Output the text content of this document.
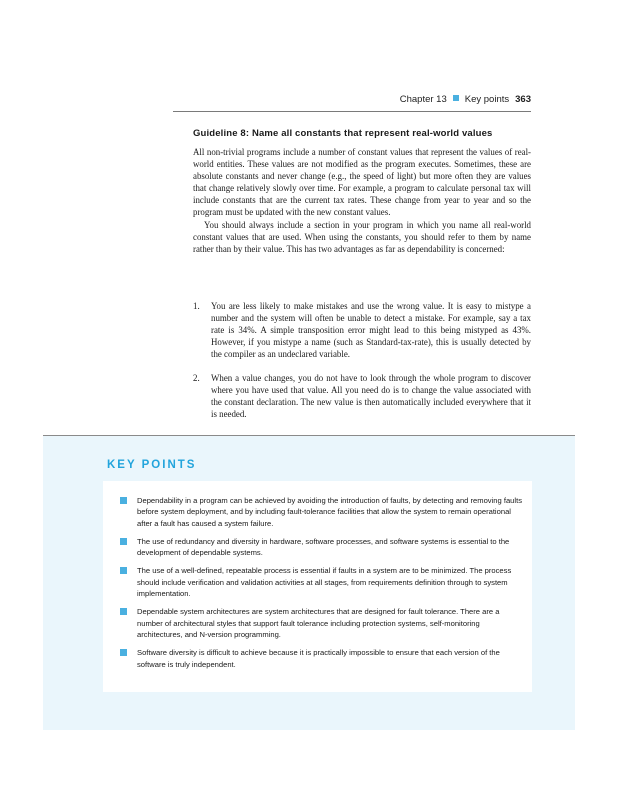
Chapter 13 Key points 363
Guideline 8: Name all constants that represent real-world values

All non-trivial programs include a number of constant values that represent the values of real-world entities. These values are not modified as the program executes. Sometimes, these are absolute constants and never change (e.g., the speed of light) but more often they are values that change relatively slowly over time. For example, a program to calculate personal tax will include constants that are the current tax rates. These change from year to year and so the program must be updated with the new constant values.

You should always include a section in your program in which you name all real-world constant values that are used. When using the constants, you should refer to them by name rather than by their value. This has two advantages as far as dependability is concerned:

1. You are less likely to make mistakes and use the wrong value. It is easy to mistype a number and the system will often be unable to detect a mistake. For example, say a tax rate is 34%. A simple transposition error might lead to this being mistyped as 43%. However, if you mistype a name (such as Standard-tax-rate), this is usually detected by the compiler as an undeclared variable.
2. When a value changes, you do not have to look through the whole program to discover where you have used that value. All you need do is to change the value associated with the constant declaration. The new value is then automatically included everywhere that it is needed.
KEY POINTS
Dependability in a program can be achieved by avoiding the introduction of faults, by detecting and removing faults before system deployment, and by including fault-tolerance facilities that allow the system to remain operational after a fault has caused a system failure.
The use of redundancy and diversity in hardware, software processes, and software systems is essential to the development of dependable systems.
The use of a well-defined, repeatable process is essential if faults in a system are to be minimized. The process should include verification and validation activities at all stages, from requirements definition through to system implementation.
Dependable system architectures are system architectures that are designed for fault tolerance. There are a number of architectural styles that support fault tolerance including protection systems, self-monitoring architectures, and N-version programming.
Software diversity is difficult to achieve because it is practically impossible to ensure that each version of the software is truly independent.
